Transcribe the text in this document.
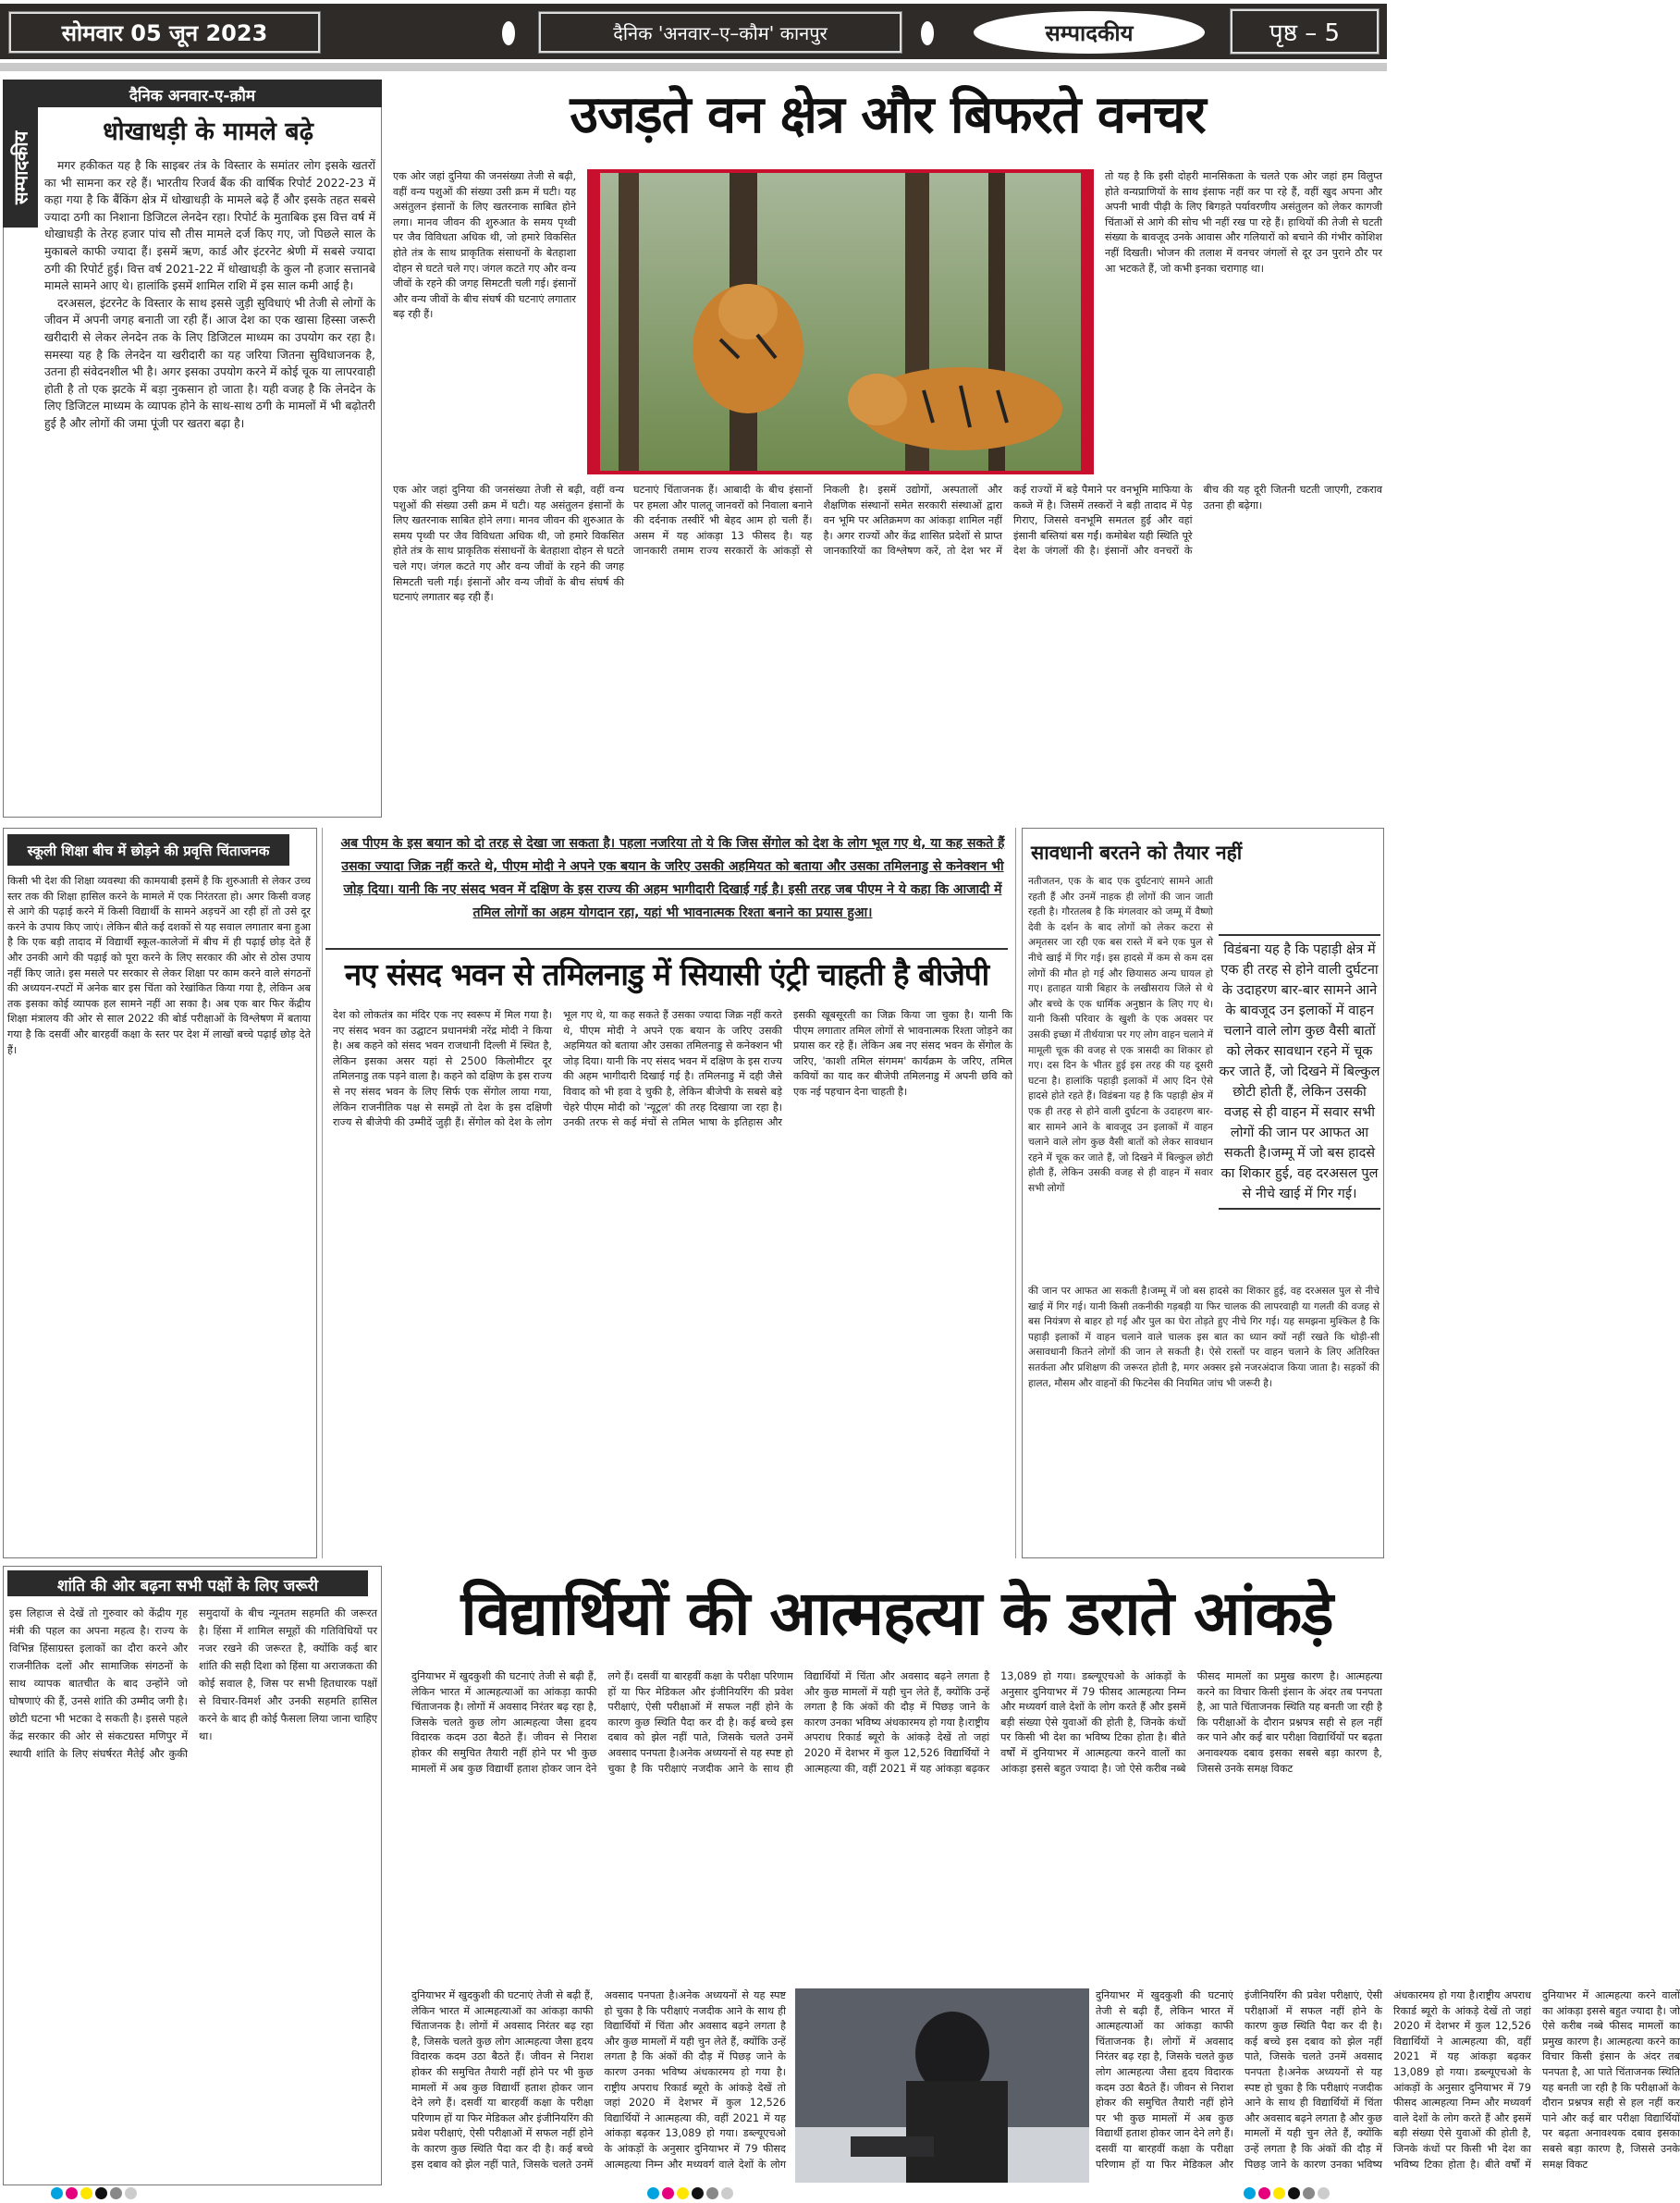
सोमवार 05 जून 2023	दैनिक 'अनवार–ए–कौम' कानपुर	सम्पादकीय	पृष्ठ – 5
दैनिक अनवार-ए-क़ौम
सम्पादकीय	धोखाधड़ी के मामले बढ़े

मगर हकीकत यह है कि साइबर तंत्र के विस्तार के समांतर लोग इसके खतरों का भी सामना कर रहे हैं। भारतीय रिजर्व बैंक की वार्षिक रिपोर्ट 2022-23 में कहा गया है कि बैंकिंग क्षेत्र में धोखाधड़ी के मामले बढ़े हैं और इसके तहत सबसे ज्यादा ठगी का निशाना डिजिटल लेनदेन रहा। रिपोर्ट के मुताबिक इस वित्त वर्ष में धोखाधड़ी के तेरह हजार पांच सौ तीस मामले दर्ज किए गए, जो पिछले साल के मुकाबले काफी ज्यादा हैं। इसमें ऋण, कार्ड और इंटरनेट श्रेणी में सबसे ज्यादा ठगी की रिपोर्ट हुई। वित्त वर्ष 2021-22 में धोखाधड़ी के कुल नौ हजार सत्तानबे मामले सामने आए थे। हालांकि इसमें शामिल राशि में इस साल कमी आई है।

दरअसल, इंटरनेट के विस्तार के साथ इससे जुड़ी सुविधाएं भी तेजी से लोगों के जीवन में अपनी जगह बनाती जा रही हैं। आज देश का एक खासा हिस्सा जरूरी खरीदारी से लेकर लेनदेन तक के लिए डिजिटल माध्यम का उपयोग कर रहा है। समस्या यह है कि लेनदेन या खरीदारी का यह जरिया जितना सुविधाजनक है, उतना ही संवेदनशील भी है। अगर इसका उपयोग करने में कोई चूक या लापरवाही होती है तो एक झटके में बड़ा नुकसान हो जाता है। यही वजह है कि लेनदेन के लिए डिजिटल माध्यम के व्यापक होने के साथ-साथ ठगी के मामलों में भी बढ़ोतरी हुई है और लोगों की जमा पूंजी पर खतरा बढ़ा है।

उजड़ते वन क्षेत्र और बिफरते वनचर
एक ओर जहां दुनिया की जनसंख्या तेजी से बढ़ी, वहीं वन्य पशुओं की संख्या उसी क्रम में घटी। यह असंतुलन इंसानों के लिए खतरनाक साबित होने लगा। मानव जीवन की शुरुआत के समय पृथ्वी पर जैव विविधता अधिक थी, जो हमारे विकसित होते तंत्र के साथ प्राकृतिक संसाधनों के बेतहाशा दोहन से घटते चले गए। जंगल कटते गए और वन्य जीवों के रहने की जगह सिमटती चली गई। इंसानों और वन्य जीवों के बीच संघर्ष की घटनाएं लगातार बढ़ रही हैं।
तो यह है कि इसी दोहरी मानसिकता के चलते एक ओर जहां हम विलुप्त होते वन्यप्राणियों के साथ इंसाफ नहीं कर पा रहे हैं, वहीं खुद अपना और अपनी भावी पीढ़ी के लिए बिगड़ते पर्यावरणीय असंतुलन को लेकर कागजी चिंताओं से आगे की सोच भी नहीं रख पा रहे हैं। हाथियों की तेजी से घटती संख्या के बावजूद उनके आवास और गलियारों को बचाने की गंभीर कोशिश नहीं दिखती। भोजन की तलाश में वनचर जंगलों से दूर उन पुराने ठौर पर आ भटकते हैं, जो कभी इनका चरागाह था।
घटनाएं चिंताजनक हैं। आबादी के बीच इंसानों पर हमला और पालतू जानवरों को निवाला बनाने की दर्दनाक तस्वीरें भी बेहद आम हो चली हैं। असम में यह आंकड़ा 13 फीसद है। यह जानकारी तमाम राज्य सरकारों के आंकड़ों से निकली है। इसमें उद्योगों, अस्पतालों और शैक्षणिक संस्थानों समेत सरकारी संस्थाओं द्वारा वन भूमि पर अतिक्रमण का आंकड़ा शामिल नहीं है। अगर राज्यों और केंद्र शासित प्रदेशों से प्राप्त जानकारियों का विश्लेषण करें, तो देश भर में कई राज्यों में बड़े पैमाने पर वनभूमि माफिया के कब्जे में है। जिसमें तस्करों ने बड़ी तादाद में पेड़ गिराए, जिससे वनभूमि समतल हुई और वहां इंसानी बस्तियां बस गईं। कमोबेश यही स्थिति पूरे देश के जंगलों की है। इंसानों और वनचरों के बीच की यह दूरी जितनी घटती जाएगी, टकराव उतना ही बढ़ेगा।
एक ओर जहां दुनिया की जनसंख्या तेजी से बढ़ी, वहीं वन्य पशुओं की संख्या उसी क्रम में घटी। यह असंतुलन इंसानों के लिए खतरनाक साबित होने लगा। मानव जीवन की शुरुआत के समय पृथ्वी पर जैव विविधता अधिक थी, जो हमारे विकसित होते तंत्र के साथ प्राकृतिक संसाधनों के बेतहाशा दोहन से घटते चले गए। जंगल कटते गए और वन्य जीवों के रहने की जगह सिमटती चली गई। इंसानों और वन्य जीवों के बीच संघर्ष की घटनाएं लगातार बढ़ रही हैं।
स्कूली शिक्षा बीच में छोड़ने की प्रवृत्ति चिंताजनक
किसी भी देश की शिक्षा व्यवस्था की कामयाबी इसमें है कि शुरुआती से लेकर उच्च स्तर तक की शिक्षा हासिल करने के मामले में एक निरंतरता हो। अगर किसी वजह से आगे की पढ़ाई करने में किसी विद्यार्थी के सामने अड़चनें आ रही हों तो उसे दूर करने के उपाय किए जाएं। लेकिन बीते कई दशकों से यह सवाल लगातार बना हुआ है कि एक बड़ी तादाद में विद्यार्थी स्कूल-कालेजों में बीच में ही पढ़ाई छोड़ देते हैं और उनकी आगे की पढ़ाई को पूरा करने के लिए सरकार की ओर से ठोस उपाय नहीं किए जाते। इस मसले पर सरकार से लेकर शिक्षा पर काम करने वाले संगठनों की अध्ययन-रपटों में अनेक बार इस चिंता को रेखांकित किया गया है, लेकिन अब तक इसका कोई व्यापक हल सामने नहीं आ सका है। अब एक बार फिर केंद्रीय शिक्षा मंत्रालय की ओर से साल 2022 की बोर्ड परीक्षाओं के विश्लेषण में बताया गया है कि दसवीं और बारहवीं कक्षा के स्तर पर देश में लाखों बच्चे पढ़ाई छोड़ देते हैं।
अब पीएम के इस बयान को दो तरह से देखा जा सकता है। पहला नजरिया तो ये कि जिस सेंगोल को देश के लोग भूल गए थे, या कह सकते हैं उसका ज्यादा जिक्र नहीं करते थे, पीएम मोदी ने अपने एक बयान के जरिए उसकी अहमियत को बताया और उसका तमिलनाडु से कनेक्शन भी जोड़ दिया। यानी कि नए संसद भवन में दक्षिण के इस राज्य की अहम भागीदारी दिखाई गई है। इसी तरह जब पीएम ने ये कहा कि आजादी में तमिल लोगों का अहम योगदान रहा, यहां भी भावनात्मक रिश्ता बनाने का प्रयास हुआ।
नए संसद भवन से तमिलनाडु में सियासी एंट्री चाहती है बीजेपी
देश को लोकतंत्र का मंदिर एक नए स्वरूप में मिल गया है। नए संसद भवन का उद्घाटन प्रधानमंत्री नरेंद्र मोदी ने किया है। अब कहने को संसद भवन राजधानी दिल्ली में स्थित है, लेकिन इसका असर यहां से 2500 किलोमीटर दूर तमिलनाडु तक पड़ने वाला है। कहने को दक्षिण के इस राज्य से नए संसद भवन के लिए सिर्फ एक सेंगोल लाया गया, लेकिन राजनीतिक पक्ष से समझें तो देश के इस दक्षिणी राज्य से बीजेपी की उम्मीदें जुड़ी हैं। सेंगोल को देश के लोग भूल गए थे, या कह सकते हैं उसका ज्यादा जिक्र नहीं करते थे, पीएम मोदी ने अपने एक बयान के जरिए उसकी अहमियत को बताया और उसका तमिलनाडु से कनेक्शन भी जोड़ दिया। यानी कि नए संसद भवन में दक्षिण के इस राज्य की अहम भागीदारी दिखाई गई है। तमिलनाडु में दही जैसे विवाद को भी हवा दे चुकी है, लेकिन बीजेपी के सबसे बड़े चेहरे पीएम मोदी को 'न्यूट्रल' की तरह दिखाया जा रहा है। उनकी तरफ से कई मंचों से तमिल भाषा के इतिहास और इसकी खूबसूरती का जिक्र किया जा चुका है। यानी कि पीएम लगातार तमिल लोगों से भावनात्मक रिश्ता जोड़ने का प्रयास कर रहे हैं। लेकिन अब नए संसद भवन के सेंगोल के जरिए, 'काशी तमिल संगमम' कार्यक्रम के जरिए, तमिल कवियों का याद कर बीजेपी तमिलनाडु में अपनी छवि को एक नई पहचान देना चाहती है।
सावधानी बरतने को तैयार नहीं
नतीजतन, एक के बाद एक दुर्घटनाएं सामने आती रहती हैं और उनमें नाहक ही लोगों की जान जाती रहती है। गौरतलब है कि मंगलवार को जम्मू में वैष्णो देवी के दर्शन के बाद लोगों को लेकर कटरा से अमृतसर जा रही एक बस रास्ते में बने एक पुल से नीचे खाई में गिर गई। इस हादसे में कम से कम दस लोगों की मौत हो गई और छियासठ अन्य घायल हो गए। हताहत यात्री बिहार के लखीसराय जिले से थे और बच्चे के एक धार्मिक अनुष्ठान के लिए गए थे। यानी किसी परिवार के खुशी के एक अवसर पर उसकी इच्छा में तीर्थयात्रा पर गए लोग वाहन चलाने में मामूली चूक की वजह से एक त्रासदी का शिकार हो गए। दस दिन के भीतर हुई इस तरह की यह दूसरी घटना है। हालांकि पहाड़ी इलाकों में आए दिन ऐसे हादसे होते रहते हैं। विडंबना यह है कि पहाड़ी क्षेत्र में एक ही तरह से होने वाली दुर्घटना के उदाहरण बार-बार सामने आने के बावजूद उन इलाकों में वाहन चलाने वाले लोग कुछ वैसी बातों को लेकर सावधान रहने में चूक कर जाते हैं, जो दिखने में बिल्कुल छोटी होती हैं, लेकिन उसकी वजह से ही वाहन में सवार सभी लोगों
विडंबना यह है कि पहाड़ी क्षेत्र में एक ही तरह से होने वाली दुर्घटना के उदाहरण बार-बार सामने आने के बावजूद उन इलाकों में वाहन चलाने वाले लोग कुछ वैसी बातों को लेकर सावधान रहने में चूक कर जाते हैं, जो दिखने में बिल्कुल छोटी होती हैं, लेकिन उसकी वजह से ही वाहन में सवार सभी लोगों की जान पर आफत आ सकती है।जम्मू में जो बस हादसे का शिकार हुई, वह दरअसल पुल से नीचे खाई में गिर गई।
की जान पर आफत आ सकती है।जम्मू में जो बस हादसे का शिकार हुई, वह दरअसल पुल से नीचे खाई में गिर गई। यानी किसी तकनीकी गड़बड़ी या फिर चालक की लापरवाही या गलती की वजह से बस नियंत्रण से बाहर हो गई और पुल का घेरा तोड़ते हुए नीचे गिर गई। यह समझना मुश्किल है कि पहाड़ी इलाकों में वाहन चलाने वाले चालक इस बात का ध्यान क्यों नहीं रखते कि थोड़ी-सी असावधानी कितने लोगों की जान ले सकती है। ऐसे रास्तों पर वाहन चलाने के लिए अतिरिक्त सतर्कता और प्रशिक्षण की जरूरत होती है, मगर अक्सर इसे नजरअंदाज किया जाता है। सड़कों की हालत, मौसम और वाहनों की फिटनेस की नियमित जांच भी जरूरी है।
शांति की ओर बढ़ना सभी पक्षों के लिए जरूरी
इस लिहाज से देखें तो गुरुवार को केंद्रीय गृह मंत्री की पहल का अपना महत्व है। राज्य के विभिन्न हिंसाग्रस्त इलाकों का दौरा करने और राजनीतिक दलों और सामाजिक संगठनों के साथ व्यापक बातचीत के बाद उन्होंने जो घोषणाएं की हैं, उनसे शांति की उम्मीद जगी है। छोटी घटना भी भटका दे सकती है। इससे पहले केंद्र सरकार की ओर से संकटग्रस्त मणिपुर में स्थायी शांति के लिए संघर्षरत मैतेई और कुकी समुदायों के बीच न्यूनतम सहमति की जरूरत है। हिंसा में शामिल समूहों की गतिविधियों पर नजर रखने की जरूरत है, क्योंकि कई बार शांति की सही दिशा को हिंसा या अराजकता की कोई सवाल है, जिस पर सभी हितधारक पक्षों से विचार-विमर्श और उनकी सहमति हासिल करने के बाद ही कोई फैसला लिया जाना चाहिए था।
विद्यार्थियों की आत्महत्या के डराते आंकड़े
दुनियाभर में खुदकुशी की घटनाएं तेजी से बढ़ी हैं, लेकिन भारत में आत्महत्याओं का आंकड़ा काफी चिंताजनक है। लोगों में अवसाद निरंतर बढ़ रहा है, जिसके चलते कुछ लोग आत्महत्या जैसा हृदय विदारक कदम उठा बैठते हैं। जीवन से निराश होकर की समुचित तैयारी नहीं होने पर भी कुछ मामलों में अब कुछ विद्यार्थी हताश होकर जान देने लगे हैं। दसवीं या बारहवीं कक्षा के परीक्षा परिणाम हों या फिर मेडिकल और इंजीनियरिंग की प्रवेश परीक्षाएं, ऐसी परीक्षाओं में सफल नहीं होने के कारण कुछ स्थिति पैदा कर दी है। कई बच्चे इस दबाव को झेल नहीं पाते, जिसके चलते उनमें अवसाद पनपता है।अनेक अध्ययनों से यह स्पष्ट हो चुका है कि परीक्षाएं नजदीक आने के साथ ही विद्यार्थियों में चिंता और अवसाद बढ़ने लगता है और कुछ मामलों में यही चुन लेते हैं, क्योंकि उन्हें लगता है कि अंकों की दौड़ में पिछड़ जाने के कारण उनका भविष्य अंधकारमय हो गया है।राष्ट्रीय अपराध रिकार्ड ब्यूरो के आंकड़े देखें तो जहां 2020 में देशभर में कुल 12,526 विद्यार्थियों ने आत्महत्या की, वहीं 2021 में यह आंकड़ा बढ़कर 13,089 हो गया। डब्ल्यूएचओ के आंकड़ों के अनुसार दुनियाभर में 79 फीसद आत्महत्या निम्न और मध्यवर्ग वाले देशों के लोग करते हैं और इसमें बड़ी संख्या ऐसे युवाओं की होती है, जिनके कंधों पर किसी भी देश का भविष्य टिका होता है। बीते वर्षों में दुनियाभर में आत्महत्या करने वालों का आंकड़ा इससे बहुत ज्यादा है। जो ऐसे करीब नब्बे फीसद मामलों का प्रमुख कारण है। आत्महत्या करने का विचार किसी इंसान के अंदर तब पनपता है, आ पाते चिंताजनक स्थिति यह बनती जा रही है कि परीक्षाओं के दौरान प्रश्नपत्र सही से हल नहीं कर पाने और कई बार परीक्षा विद्यार्थियों पर बढ़ता अनावश्यक दबाव इसका सबसे बड़ा कारण है, जिससे उनके समक्ष विकट
दुनियाभर में खुदकुशी की घटनाएं तेजी से बढ़ी हैं, लेकिन भारत में आत्महत्याओं का आंकड़ा काफी चिंताजनक है। लोगों में अवसाद निरंतर बढ़ रहा है, जिसके चलते कुछ लोग आत्महत्या जैसा हृदय विदारक कदम उठा बैठते हैं। जीवन से निराश होकर की समुचित तैयारी नहीं होने पर भी कुछ मामलों में अब कुछ विद्यार्थी हताश होकर जान देने लगे हैं। दसवीं या बारहवीं कक्षा के परीक्षा परिणाम हों या फिर मेडिकल और इंजीनियरिंग की प्रवेश परीक्षाएं, ऐसी परीक्षाओं में सफल नहीं होने के कारण कुछ स्थिति पैदा कर दी है। कई बच्चे इस दबाव को झेल नहीं पाते, जिसके चलते उनमें अवसाद पनपता है।अनेक अध्ययनों से यह स्पष्ट हो चुका है कि परीक्षाएं नजदीक आने के साथ ही विद्यार्थियों में चिंता और अवसाद बढ़ने लगता है और कुछ मामलों में यही चुन लेते हैं, क्योंकि उन्हें लगता है कि अंकों की दौड़ में पिछड़ जाने के कारण उनका भविष्य अंधकारमय हो गया है।राष्ट्रीय अपराध रिकार्ड ब्यूरो के आंकड़े देखें तो जहां 2020 में देशभर में कुल 12,526 विद्यार्थियों ने आत्महत्या की, वहीं 2021 में यह आंकड़ा बढ़कर 13,089 हो गया। डब्ल्यूएचओ के आंकड़ों के अनुसार दुनियाभर में 79 फीसद आत्महत्या निम्न और मध्यवर्ग वाले देशों के लोग
दुनियाभर में खुदकुशी की घटनाएं तेजी से बढ़ी हैं, लेकिन भारत में आत्महत्याओं का आंकड़ा काफी चिंताजनक है। लोगों में अवसाद निरंतर बढ़ रहा है, जिसके चलते कुछ लोग आत्महत्या जैसा हृदय विदारक कदम उठा बैठते हैं। जीवन से निराश होकर की समुचित तैयारी नहीं होने पर भी कुछ मामलों में अब कुछ विद्यार्थी हताश होकर जान देने लगे हैं। दसवीं या बारहवीं कक्षा के परीक्षा परिणाम हों या फिर मेडिकल और इंजीनियरिंग की प्रवेश परीक्षाएं, ऐसी परीक्षाओं में सफल नहीं होने के कारण कुछ स्थिति पैदा कर दी है। कई बच्चे इस दबाव को झेल नहीं पाते, जिसके चलते उनमें अवसाद पनपता है।अनेक अध्ययनों से यह स्पष्ट हो चुका है कि परीक्षाएं नजदीक आने के साथ ही विद्यार्थियों में चिंता और अवसाद बढ़ने लगता है और कुछ मामलों में यही चुन लेते हैं, क्योंकि उन्हें लगता है कि अंकों की दौड़ में पिछड़ जाने के कारण उनका भविष्य अंधकारमय हो गया है।राष्ट्रीय अपराध रिकार्ड ब्यूरो के आंकड़े देखें तो जहां 2020 में देशभर में कुल 12,526 विद्यार्थियों ने आत्महत्या की, वहीं 2021 में यह आंकड़ा बढ़कर 13,089 हो गया। डब्ल्यूएचओ के आंकड़ों के अनुसार दुनियाभर में 79 फीसद आत्महत्या निम्न और मध्यवर्ग वाले देशों के लोग करते हैं और इसमें बड़ी संख्या ऐसे युवाओं की होती है, जिनके कंधों पर किसी भी देश का भविष्य टिका होता है। बीते वर्षों में दुनियाभर में आत्महत्या करने वालों का आंकड़ा इससे बहुत ज्यादा है। जो ऐसे करीब नब्बे फीसद मामलों का प्रमुख कारण है। आत्महत्या करने का विचार किसी इंसान के अंदर तब पनपता है, आ पाते चिंताजनक स्थिति यह बनती जा रही है कि परीक्षाओं के दौरान प्रश्नपत्र सही से हल नहीं कर पाने और कई बार परीक्षा विद्यार्थियों पर बढ़ता अनावश्यक दबाव इसका सबसे बड़ा कारण है, जिससे उनके समक्ष विकट
